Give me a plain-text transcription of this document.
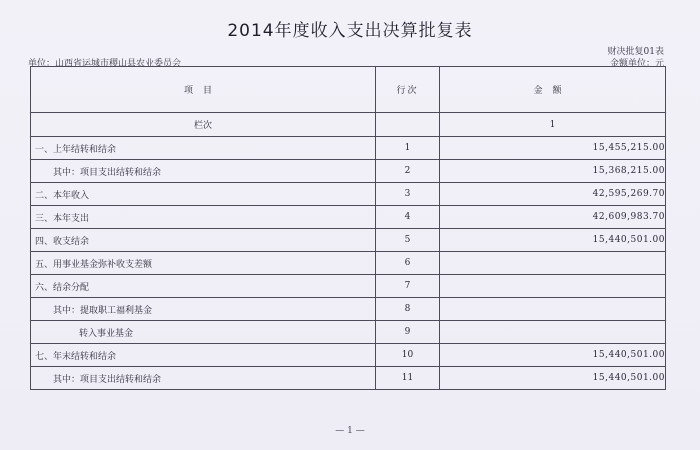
2014年度收入支出决算批复表
财决批复01表
单位：山西省运城市稷山县农业委员会	金额单位：元
项目	行次	金额
栏次		1
一、上年结转和结余	1	15,455,215.00
其中：项目支出结转和结余	2	15,368,215.00
二、本年收入	3	42,595,269.70
三、本年支出	4	42,609,983.70
四、收支结余	5	15,440,501.00
五、用事业基金弥补收支差额	6	
六、结余分配	7	
其中：提取职工福利基金	8	
转入事业基金	9	
七、年末结转和结余	10	15,440,501.00
其中：项目支出结转和结余	11	15,440,501.00
— 1 —
